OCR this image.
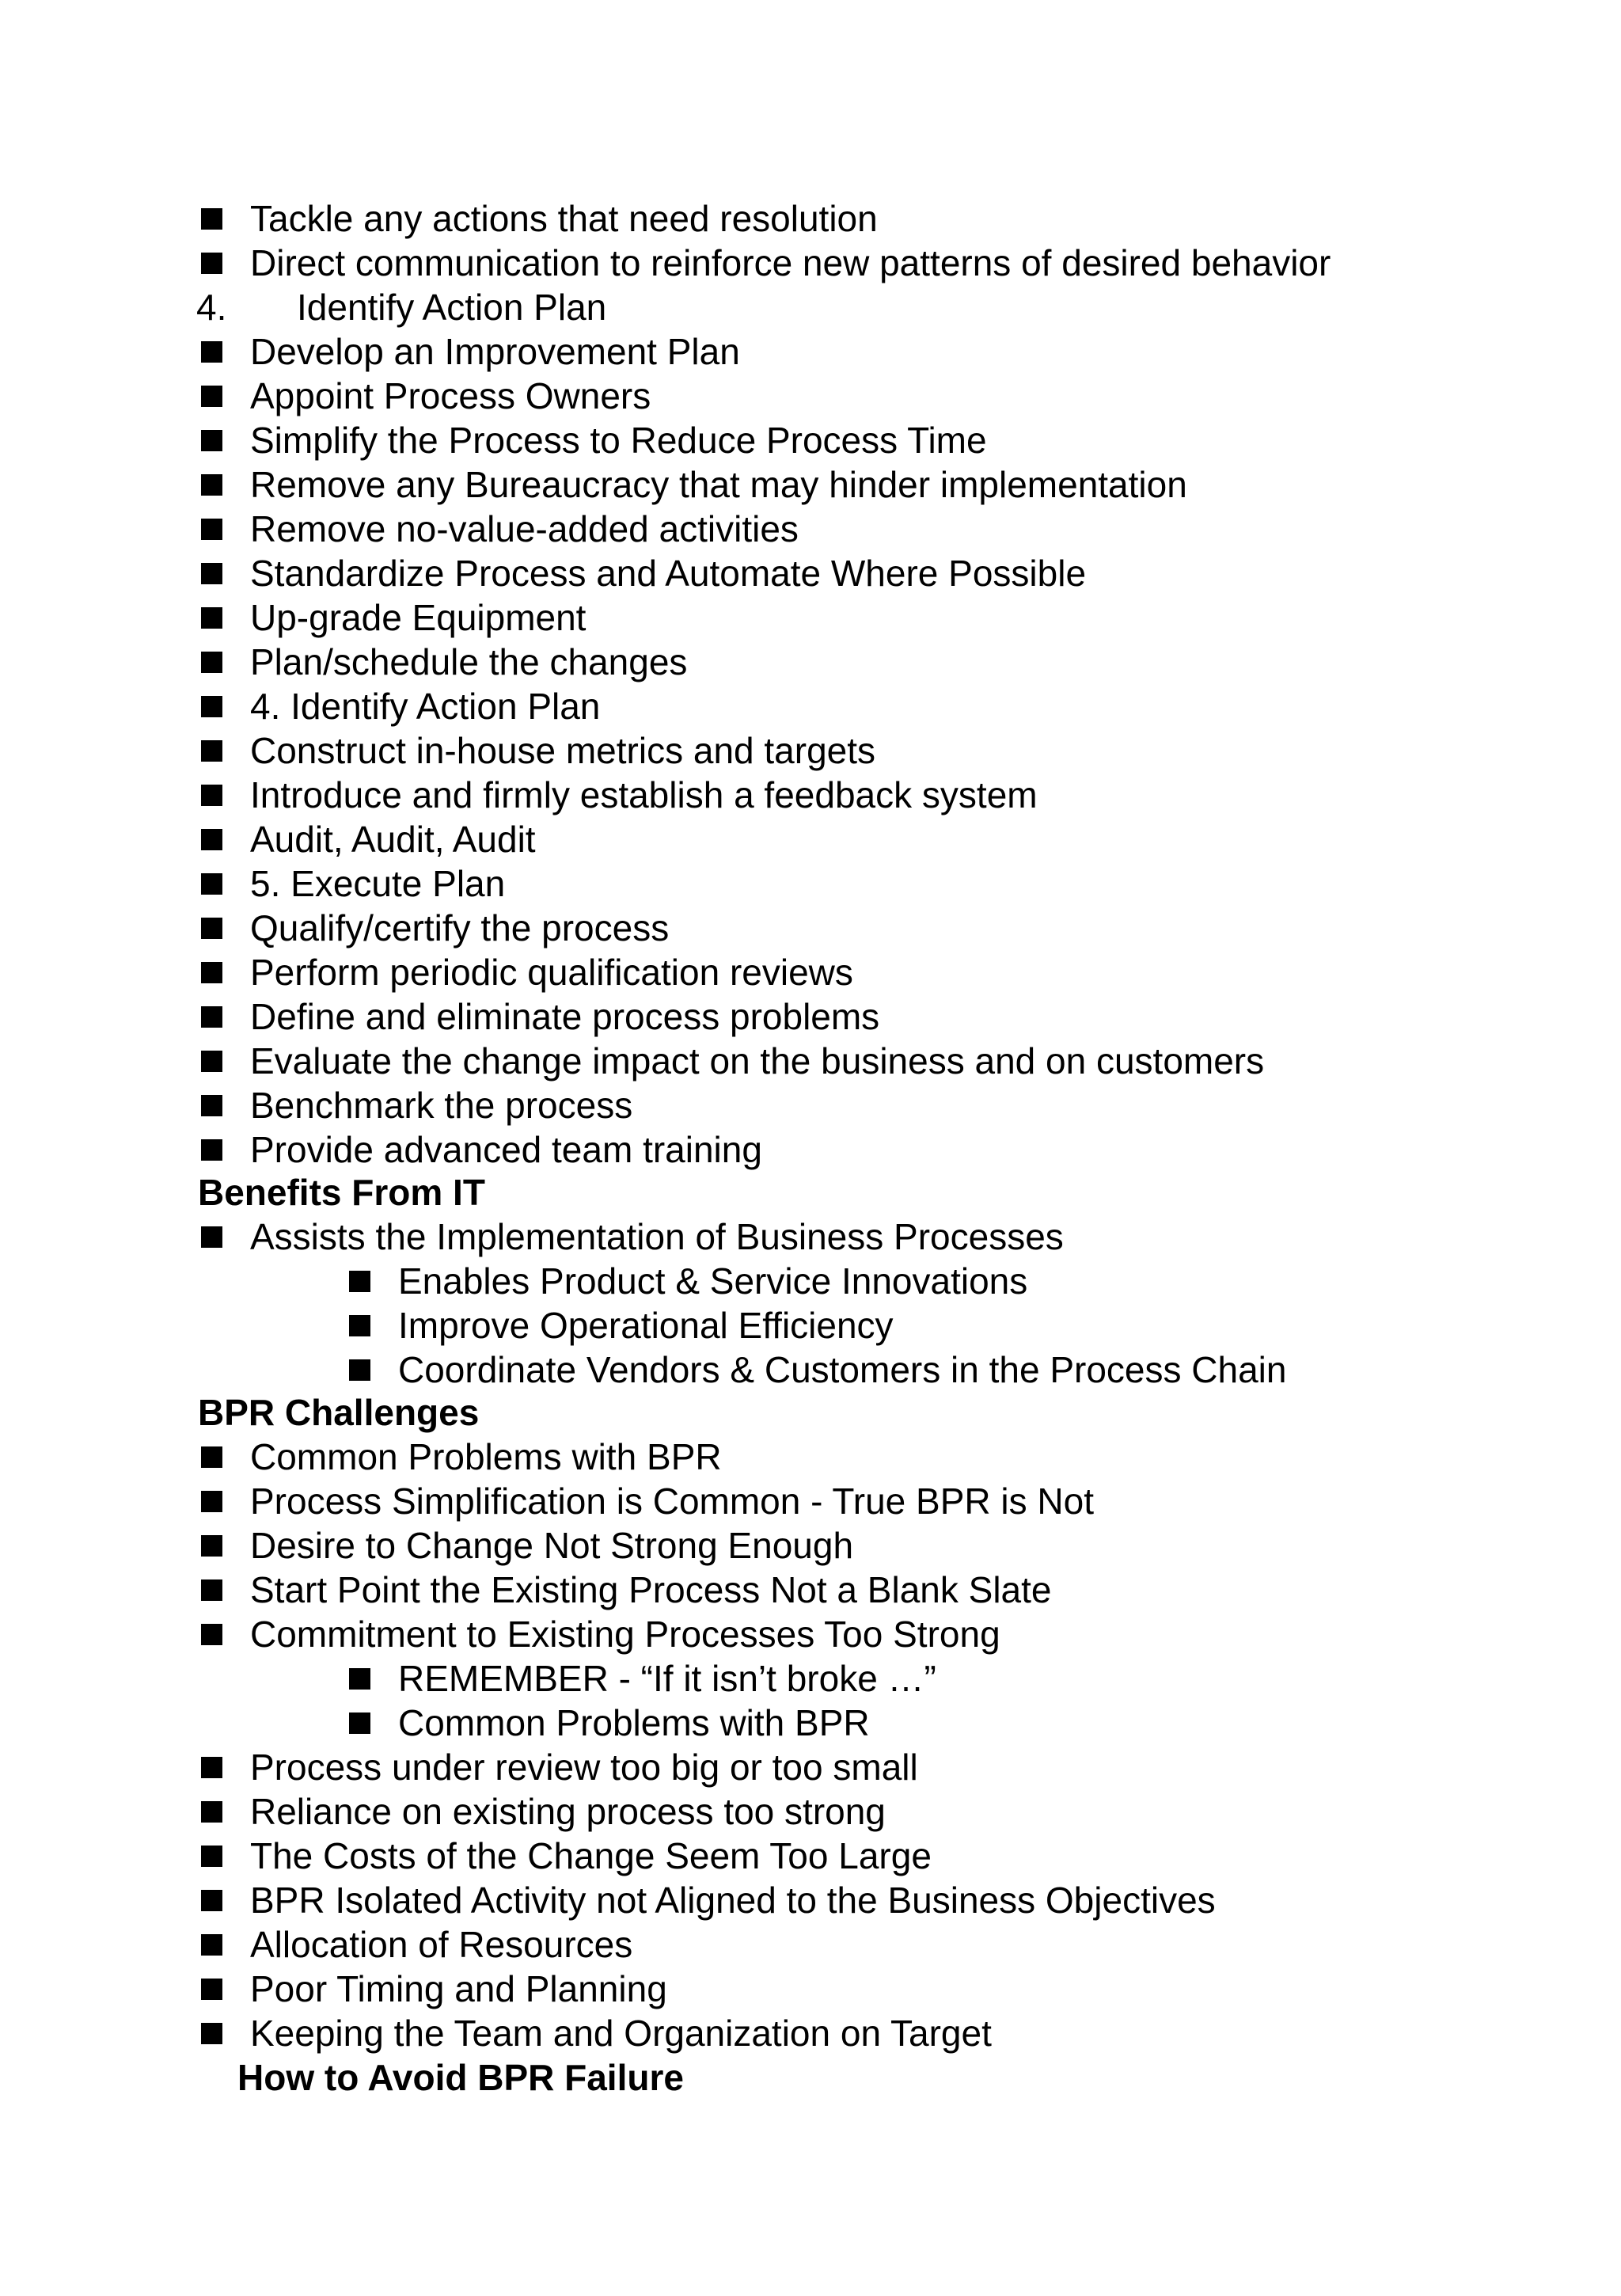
Tackle any actions that need resolution
Direct communication to reinforce new patterns of desired behavior
4.	Identify Action Plan
Develop an Improvement Plan
Appoint Process Owners
Simplify the Process to Reduce Process Time
Remove any Bureaucracy that may hinder implementation
Remove no-value-added activities
Standardize Process and Automate Where Possible
Up-grade Equipment
Plan/schedule the changes
4. Identify Action Plan
Construct in-house metrics and targets
Introduce and firmly establish a feedback system
Audit, Audit, Audit
5. Execute Plan
Qualify/certify the process
Perform periodic qualification reviews
Define and eliminate process problems
Evaluate the change impact on the business and on customers
Benchmark the process
Provide advanced team training
Benefits From IT
Assists the Implementation of Business Processes
Enables Product & Service Innovations
Improve Operational Efficiency
Coordinate Vendors & Customers in the Process Chain
BPR Challenges
Common Problems with BPR
Process Simplification is Common - True BPR is Not
Desire to Change Not Strong Enough
Start Point the Existing Process Not a Blank Slate
Commitment to Existing Processes Too Strong
REMEMBER - “If it isn’t broke …”
Common Problems with BPR
Process under review too big or too small
Reliance on existing process too strong
The Costs of the Change Seem Too Large
BPR Isolated Activity not Aligned to the Business Objectives
Allocation of Resources
Poor Timing and Planning
Keeping the Team and Organization on Target
How to Avoid BPR Failure
